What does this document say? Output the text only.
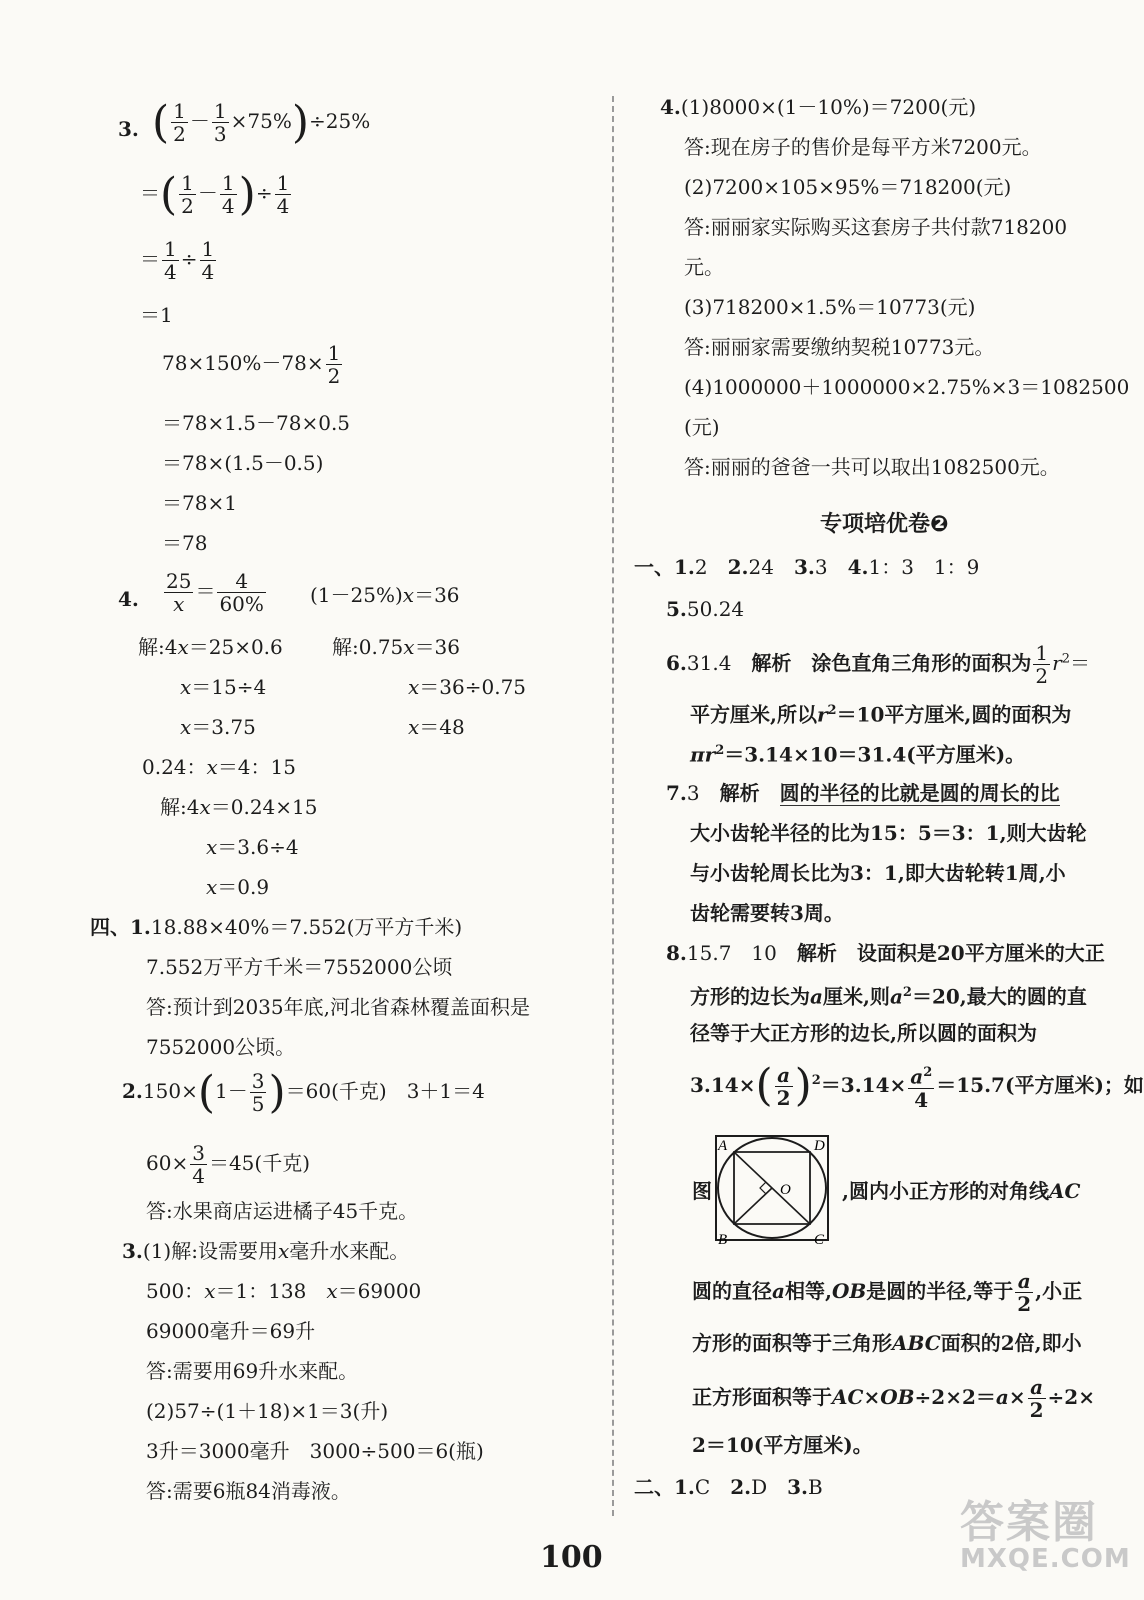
3. ( $\frac{1}{2} - \frac{1}{3} \times 75\%)\div 25\%$
＝( $\frac{1}{2} - \frac{1}{4}$ )÷ $\frac{1}{4}$
＝ $\frac{1}{4} \div \frac{1}{4}$
＝1
$78\times 150\%-78\times \frac{1}{2}$
＝78×1.5－78×0.5
＝78×(1.5－0.5)
＝78×1
＝78
4. $\frac{25}{x} = \frac{4}{60\%} (1-25\%)x=36$
解:4x＝25×0.6 解:0.75x＝36
x＝15÷4	x＝36÷0.75
x＝3.75	x＝48
0.24：x＝4：15
解:4x＝0.24×15
x＝3.6÷4
x＝0.9
四、1.18.88×40%＝7.552(万平方千米)
7.552万平方千米＝7552000公顷
答:预计到2035年底,河北省森林覆盖面积是
7552000公顷。
$2.150\times(1- \frac{3}{5} )=60$(千克)　 3＋1＝4
$60\times \frac{3}{4} =45$(千克)
答:水果商店运进橘子45千克。
3.(1)解:设需要用x毫升水来配。
500：x＝1：138　 x＝69000
69000毫升＝69升
答:需要用69升水来配。
(2)57÷(1＋18)×1＝3(升)
3升＝3000毫升　3000÷500＝6(瓶)
答:需要6瓶84消毒液。
4.(1)8000×(1－10%)＝7200(元)
答:现在房子的售价是每平方米7200元。
(2)7200×105×95%＝718200(元)
答:丽丽家实际购买这套房子共付款718200
元。
(3)718200×1.5%＝10773(元)
答:丽丽家需要缴纳契税10773元。
(4)1000000＋1000000×2.75%×3＝1082500
(元)
答:丽丽的爸爸一共可以取出1082500元。
专项培优卷❷
一、1.2　 2.24　 3.3　 4.1：3　1：9
5.50.24
6.31.4　 解析　 涂色直角三角形的面积为 $\frac{1}{2} r^2=$
平方厘米,所以$r^2=10$平方厘米,圆的面积为
$\pi r^2=3.14\times 10=31.4$(平方厘米)。
7.3　 解析　 圆的半径的比就是圆的周长的比
大小齿轮半径的比为15：5＝3：1,则大齿轮
与小齿轮周长比为3：1,即大齿轮转1周,小
齿轮需要转3周。
8.15.7　 10　 解析　 设面积是20平方厘米的大正
方形的边长为a厘米,则$a^2=20$,最大的圆的直
径等于大正方形的边长,所以圆的面积为
$3.14\times( \frac{a}{2} )^2=3.14\times \frac{a^2}{4} =15.7$(平方厘米)；如
图
A	D
B	C
O	,圆内小正方形的对角线AC
圆的直径a相等,OB是圆的半径,等于 $\frac{a}{2}$ ,小正
方形的面积等于三角形ABC面积的2倍,即小
正方形面积等于$AC\times OB\div 2\times 2=a\times \frac{a}{2} \div 2\times$
2＝10(平方厘米)。
二、1.C　 2.D　 3.B
100
答案圈
MXQE.COM
